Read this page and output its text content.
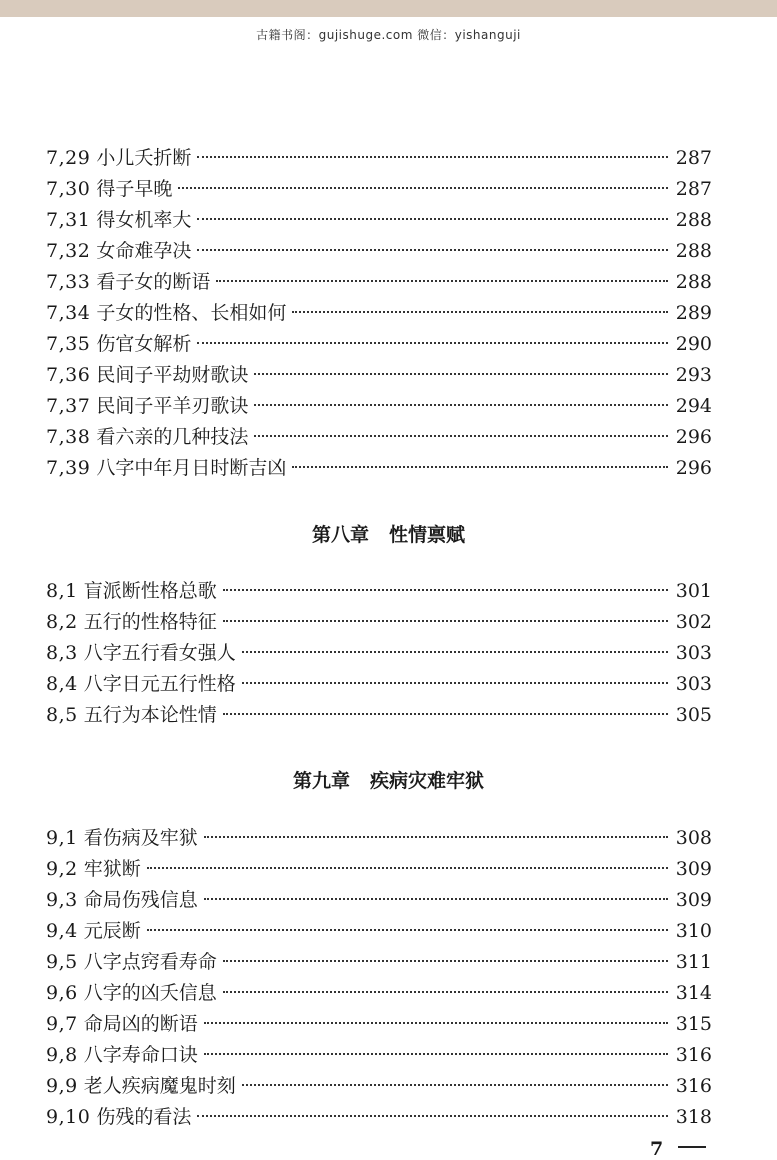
古籍书阁：gujishuge.com 微信：yishanguji
7,29 小儿夭折断	287
7,30 得子早晚	287
7,31 得女机率大	288
7,32 女命难孕决	288
7,33 看子女的断语	288
7,34 子女的性格、长相如何	289
7,35 伤官女解析	290
7,36 民间子平劫财歌诀	293
7,37 民间子平羊刃歌诀	294
7,38 看六亲的几种技法	296
7,39 八字中年月日时断吉凶	296
第八章 性情禀赋
8,1 盲派断性格总歌	301
8,2 五行的性格特征	302
8,3 八字五行看女强人	303
8,4 八字日元五行性格	303
8,5 五行为本论性情	305
第九章 疾病灾难牢狱
9,1 看伤病及牢狱	308
9,2 牢狱断	309
9,3 命局伤残信息	309
9,4 元辰断	310
9,5 八字点窍看寿命	311
9,6 八字的凶夭信息	314
9,7 命局凶的断语	315
9,8 八字寿命口诀	316
9,9 老人疾病魔鬼时刻	316
9,10 伤残的看法	318
7
